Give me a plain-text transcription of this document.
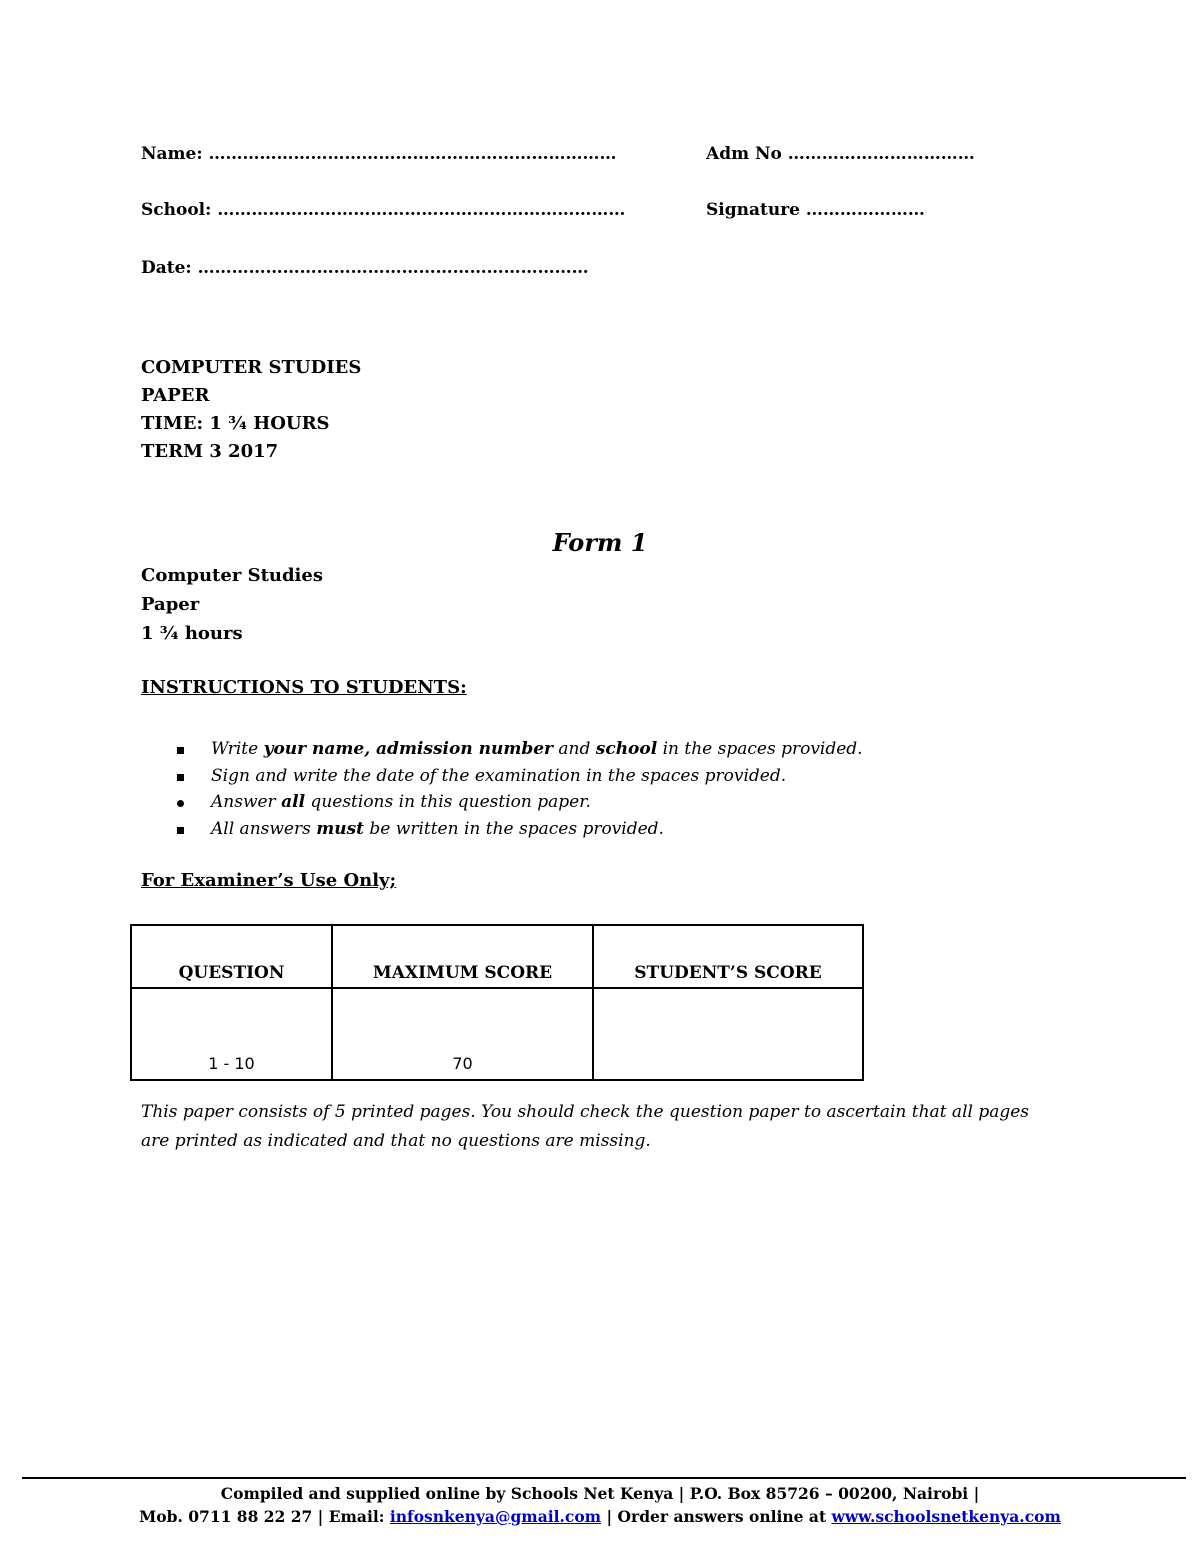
Name: ………………………………………………………………	Adm No ……………………………
School: ………………………………………………………………	Signature …………………
Date: ……………………………………………………………
COMPUTER STUDIES
PAPER
TIME: 1 ¾ HOURS
TERM 3 2017
Form 1
Computer Studies
Paper
1 ¾ hours
INSTRUCTIONS TO STUDENTS:
Write your name, admission number and school in the spaces provided.
Sign and write the date of the examination in the spaces provided.
Answer all questions in this question paper.
All answers must be written in the spaces provided.
For Examiner’s Use Only;
QUESTION	MAXIMUM SCORE	STUDENT’S SCORE
1 - 10	70	
This paper consists of 5 printed pages. You should check the question paper to ascertain that all pages are printed as indicated and that no questions are missing.
Compiled and supplied online by Schools Net Kenya | P.O. Box 85726 – 00200, Nairobi |
Mob. 0711 88 22 27 | Email: infosnkenya@gmail.com | Order answers online at www.schoolsnetkenya.com
